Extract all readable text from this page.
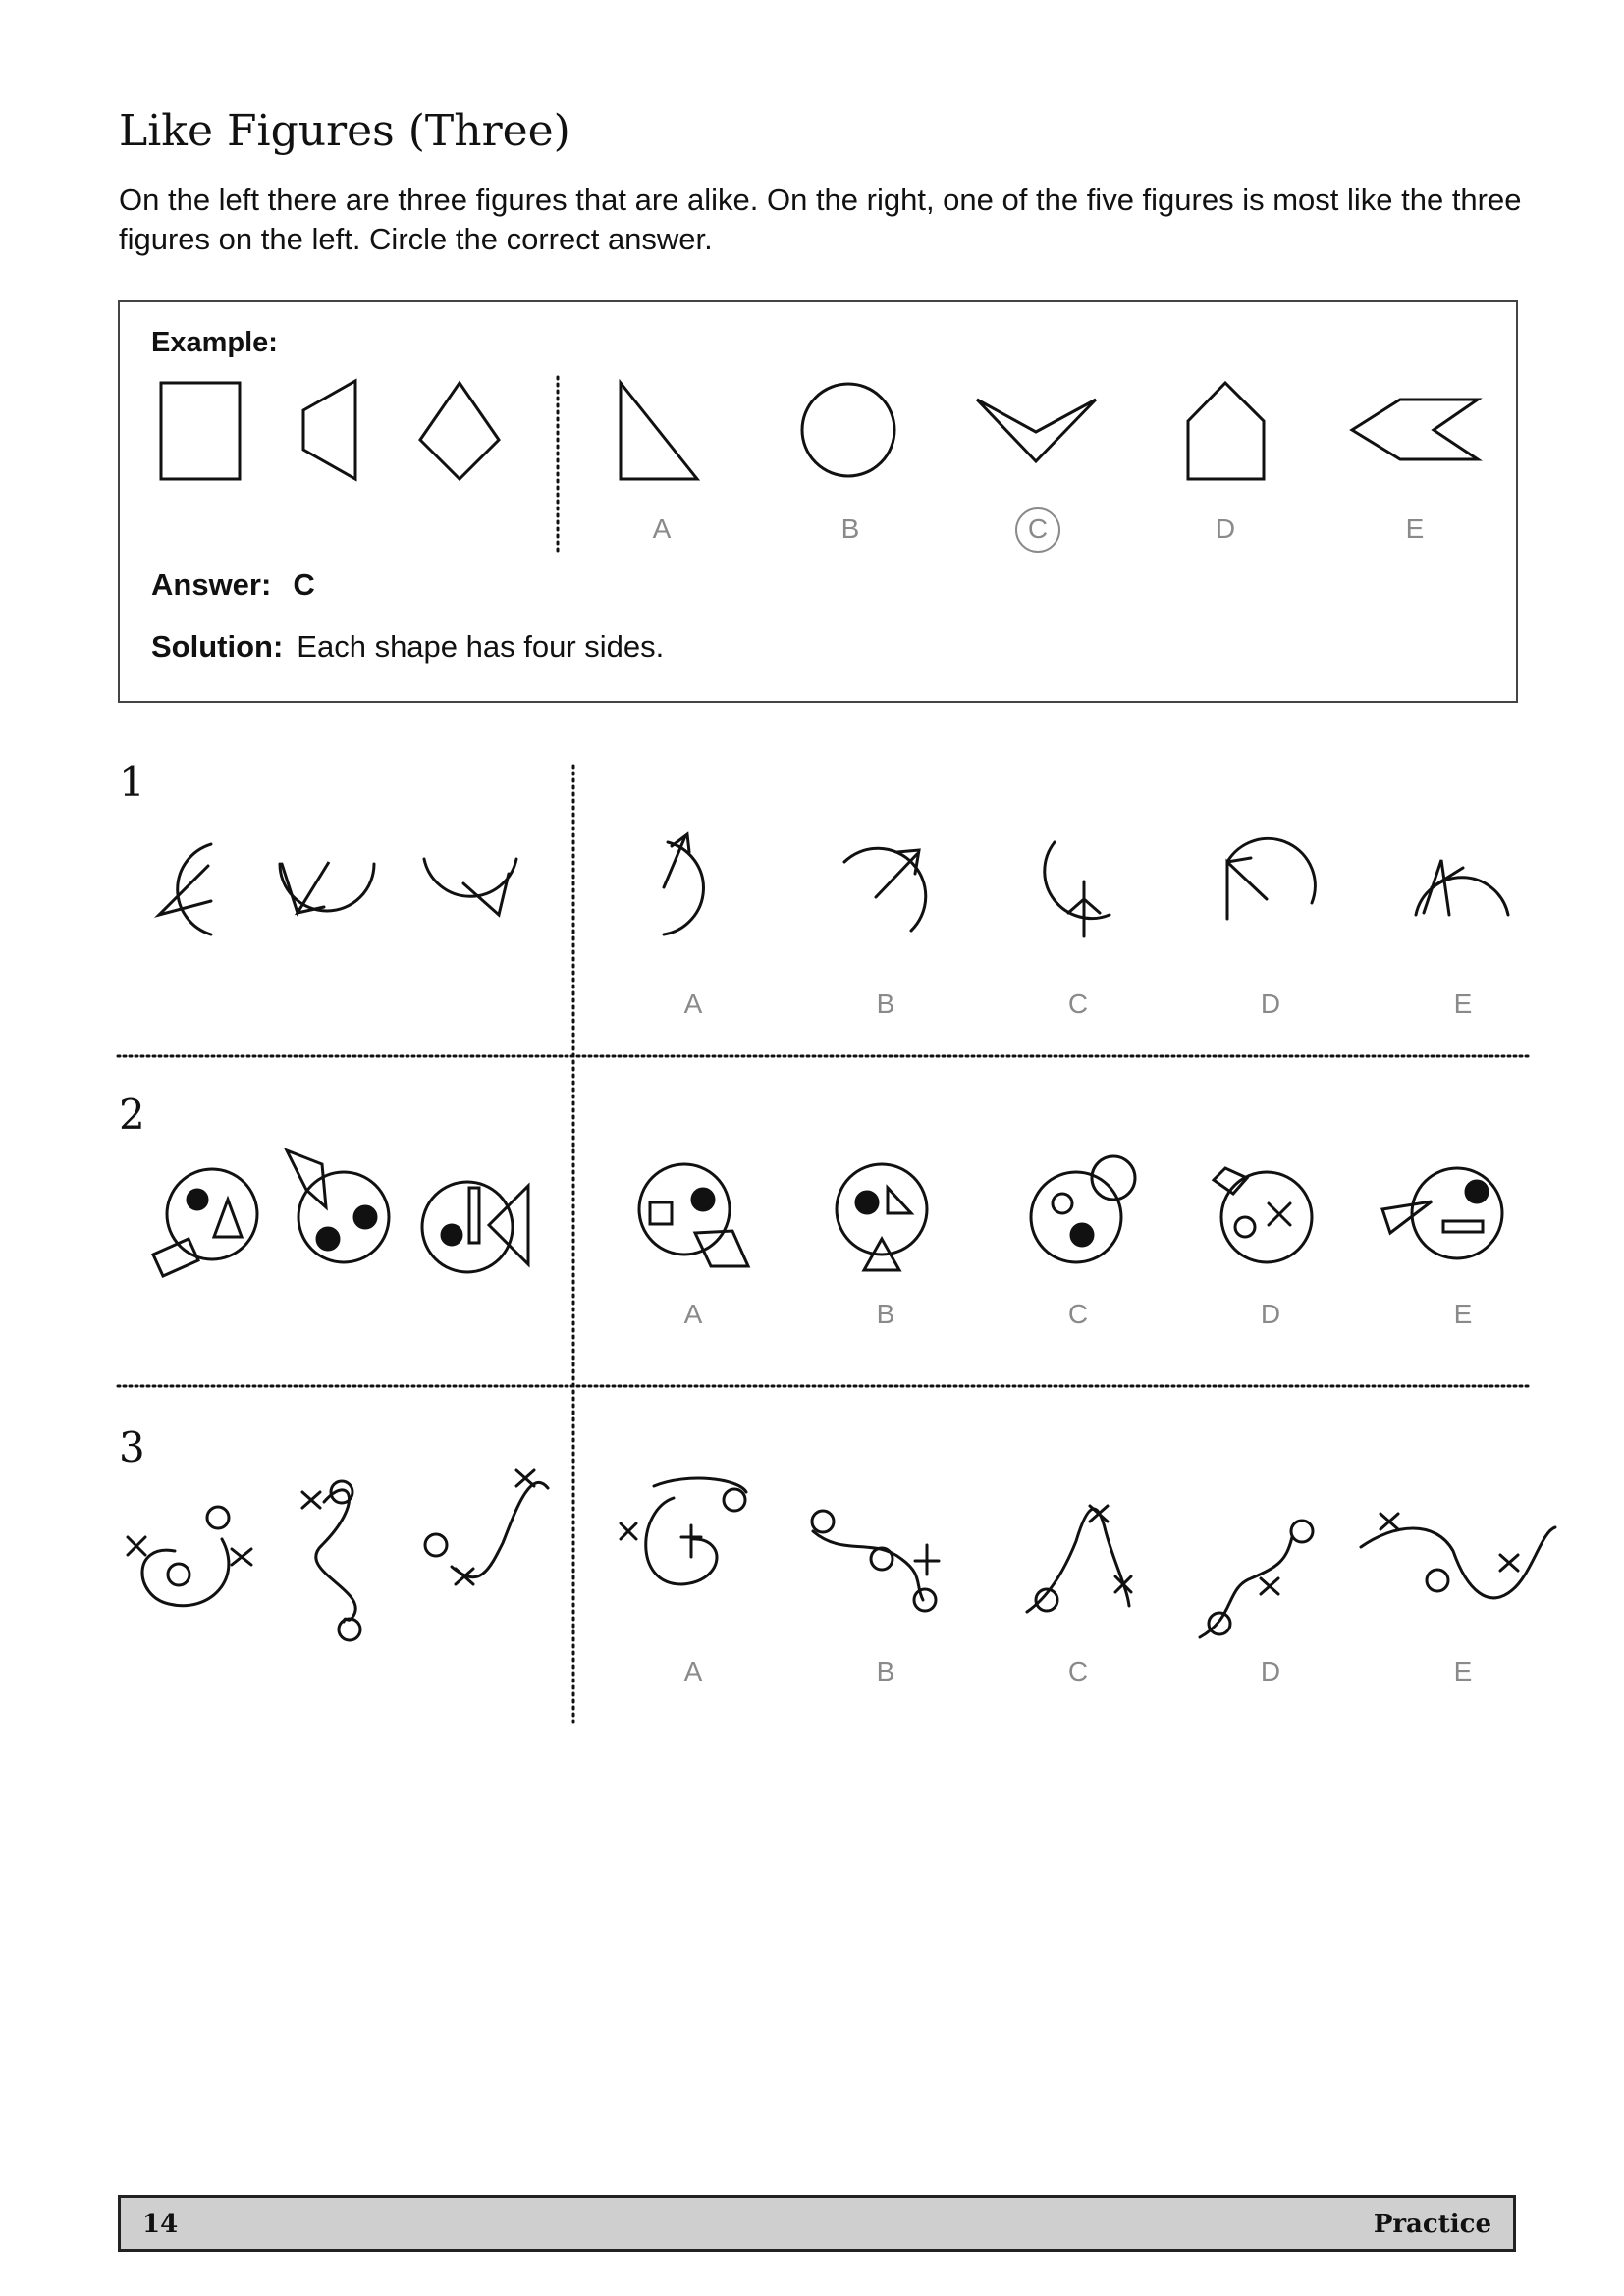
Like Figures (Three)
On the left there are three figures that are alike. On the right, one of the five figures is most like the three figures on the left. Circle the correct answer.
Example:
A	B	C	D	E
Answer: C
Solution: Each shape has four sides.
1
A	B	C	D	E
2
A	B	C	D	E
3
A	B	C	D	E
14	Practice
